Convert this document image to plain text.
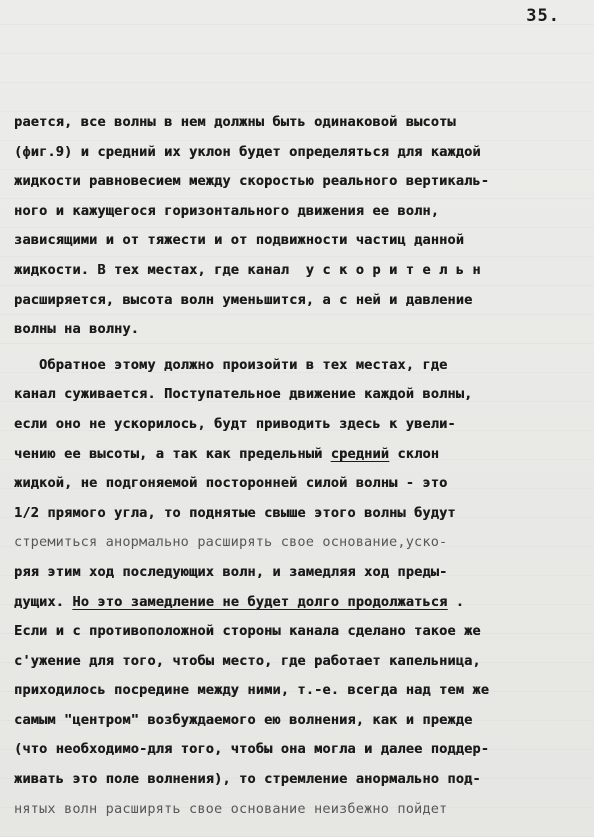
35.
рается, все волны в нем должны быть одинаковой высоты
(фиг.9) и средний их уклон будет определяться для каждой
жидкости равновесием между скоростью реального вертикаль-
ного и кажущегося горизонтального движения ее волн,
зависящими и от тяжести и от подвижности частиц данной
жидкости. В тех местах, где канал  у с к о р и т е л ь н
расширяется, высота волн уменьшится, а с ней и давление
волны на волну.
Обратное этому должно произойти в тех местах, где
канал суживается. Поступательное движение каждой волны,
если оно не ускорилось, будт приводить здесь к увели-
чению ее высоты, а так как предельный средний склон
жидкой, не подгоняемой посторонней силой волны - это
1/2 прямого угла, то поднятые свыше этого волны будут
стремиться анормально расширять свое основание,уско-
ряя этим ход последующих волн, и замедляя ход преды-
дущих. Но это замедление не будет долго продолжаться .
Если и с противоположной стороны канала сделано такое же
с'ужение для того, чтобы место, где работает капельница,
приходилось посредине между ними, т.-е. всегда над тем же
самым "центром" возбуждаемого ею волнения, как и прежде
(что необходимо-для того, чтобы она могла и далее поддер-
живать это поле волнения), то стремление анормально под-
нятых волн расширять свое основание неизбежно пойдет
